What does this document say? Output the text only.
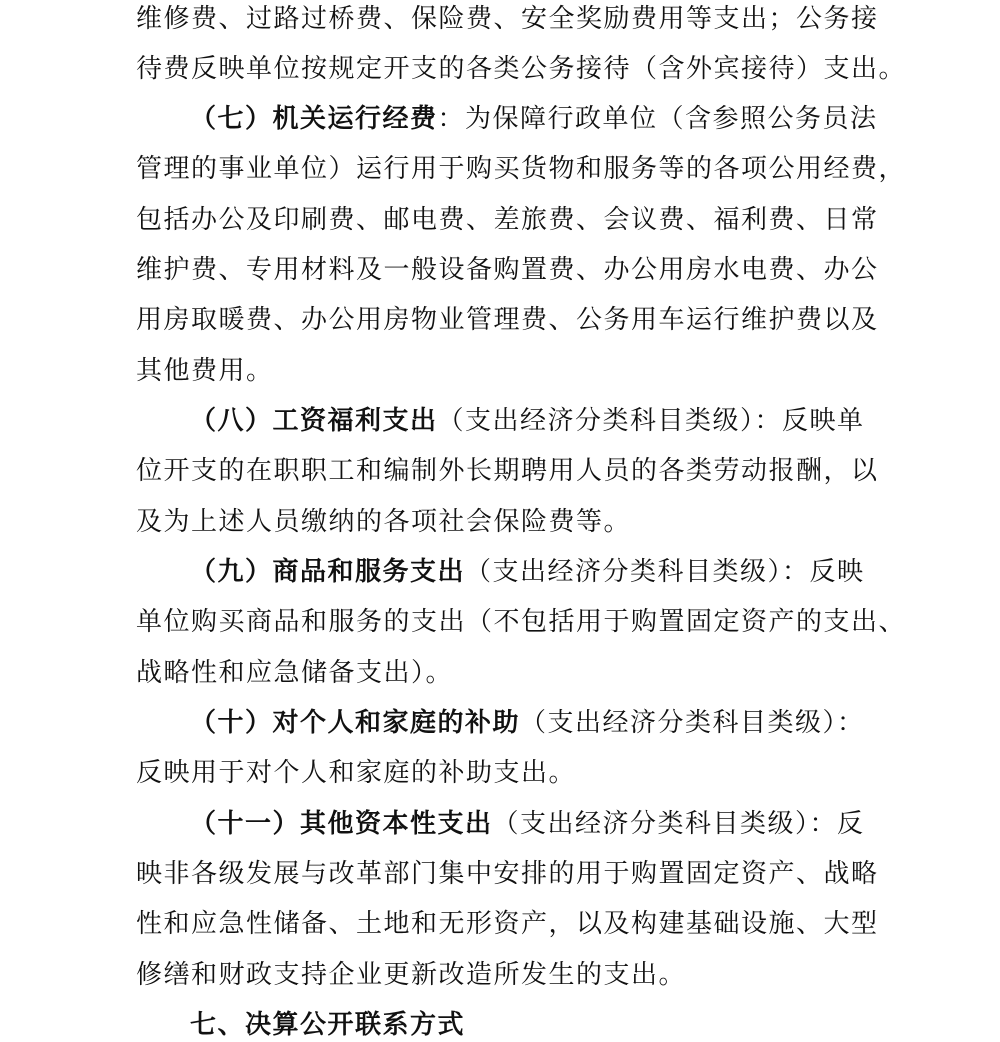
维修费、过路过桥费、保险费、安全奖励费用等支出；公务接
待费反映单位按规定开支的各类公务接待（含外宾接待）支出。
（七）机关运行经费：为保障行政单位（含参照公务员法
管理的事业单位）运行用于购买货物和服务等的各项公用经费，
包括办公及印刷费、邮电费、差旅费、会议费、福利费、日常
维护费、专用材料及一般设备购置费、办公用房水电费、办公
用房取暖费、办公用房物业管理费、公务用车运行维护费以及
其他费用。
（八）工资福利支出（支出经济分类科目类级）：反映单
位开支的在职职工和编制外长期聘用人员的各类劳动报酬，以
及为上述人员缴纳的各项社会保险费等。
（九）商品和服务支出（支出经济分类科目类级）：反映
单位购买商品和服务的支出（不包括用于购置固定资产的支出、
战略性和应急储备支出）。
（十）对个人和家庭的补助（支出经济分类科目类级）：
反映用于对个人和家庭的补助支出。
（十一）其他资本性支出（支出经济分类科目类级）：反
映非各级发展与改革部门集中安排的用于购置固定资产、战略
性和应急性储备、土地和无形资产，以及构建基础设施、大型
修缮和财政支持企业更新改造所发生的支出。
七、决算公开联系方式
